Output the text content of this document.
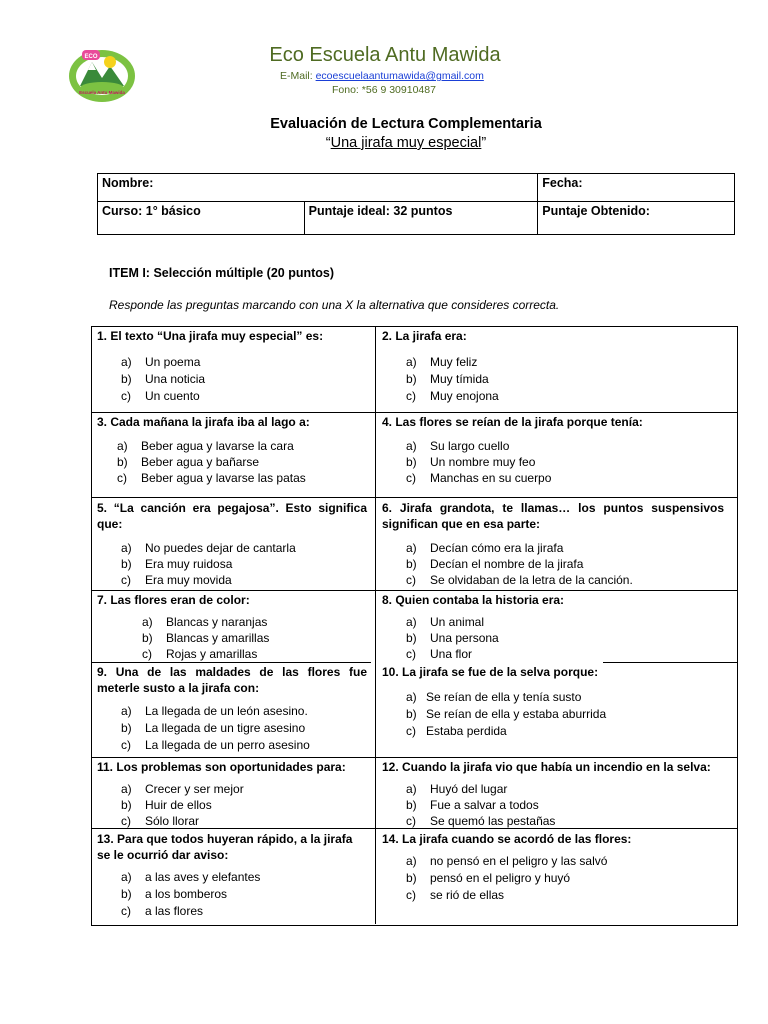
ECO
Escuela Antu Mawida
Eco Escuela Antu Mawida
E-Mail: ecoescuelaantumawida@gmail.com
Fono: *56 9 30910487
Evaluación de Lectura Complementaria
“Una jirafa muy especial”
Nombre:		Fecha:
Curso: 1° básico	Puntaje ideal: 32 puntos	Puntaje Obtenido:
ITEM I: Selección múltiple (20 puntos)
Responde las preguntas marcando con una X la alternativa que consideres correcta.
1. El texto “Una jirafa muy especial” es:
a)	Un poema
b)	Una noticia
c)	Un cuento
2. La jirafa era:
a)	Muy feliz
b)	Muy tímida
c)	Muy enojona
3. Cada mañana la jirafa iba al lago a:
a)	Beber agua y lavarse la cara
b)	Beber agua y bañarse
c)	Beber agua y lavarse las patas
4. Las flores se reían de la jirafa porque tenía:
a)	Su largo cuello
b)	Un nombre muy feo
c)	Manchas en su cuerpo
5. “La canción era pegajosa”. Esto significa que:
a)	No puedes dejar de cantarla
b)	Era muy ruidosa
c)	Era muy movida
6. Jirafa grandota, te llamas… los puntos suspensivos significan que en esa parte:
a)	Decían cómo era la jirafa
b)	Decían el nombre de la jirafa
c)	Se olvidaban de la letra de la canción.
7. Las flores eran de color:
a)	Blancas y naranjas
b)	Blancas y amarillas
c)	Rojas y amarillas
8. Quien contaba la historia era:
a)	Un animal
b)	Una persona
c)	Una flor
9. Una de las maldades de las flores fue meterle susto a la jirafa con:
a)	La llegada de un león asesino.
b)	La llegada de un tigre asesino
c)	La llegada de un perro asesino
10. La jirafa se fue de la selva porque:
a) Se reían de ella y tenía susto
b) Se reían de ella y estaba aburrida
c) Estaba perdida
11. Los problemas son oportunidades para:
a)	Crecer y ser mejor
b)	Huir de ellos
c)	Sólo llorar
12. Cuando la jirafa vio que había un incendio en la selva:
a)	Huyó del lugar
b)	Fue a salvar a todos
c)	Se quemó las pestañas
13. Para que todos huyeran rápido, a la jirafa se le ocurrió dar aviso:
a)	a las aves y elefantes
b)	a los bomberos
c)	a las flores
14. La jirafa cuando se acordó de las flores:
a)	no pensó en el peligro y las salvó
b)	pensó en el peligro y huyó
c)	se rió de ellas
